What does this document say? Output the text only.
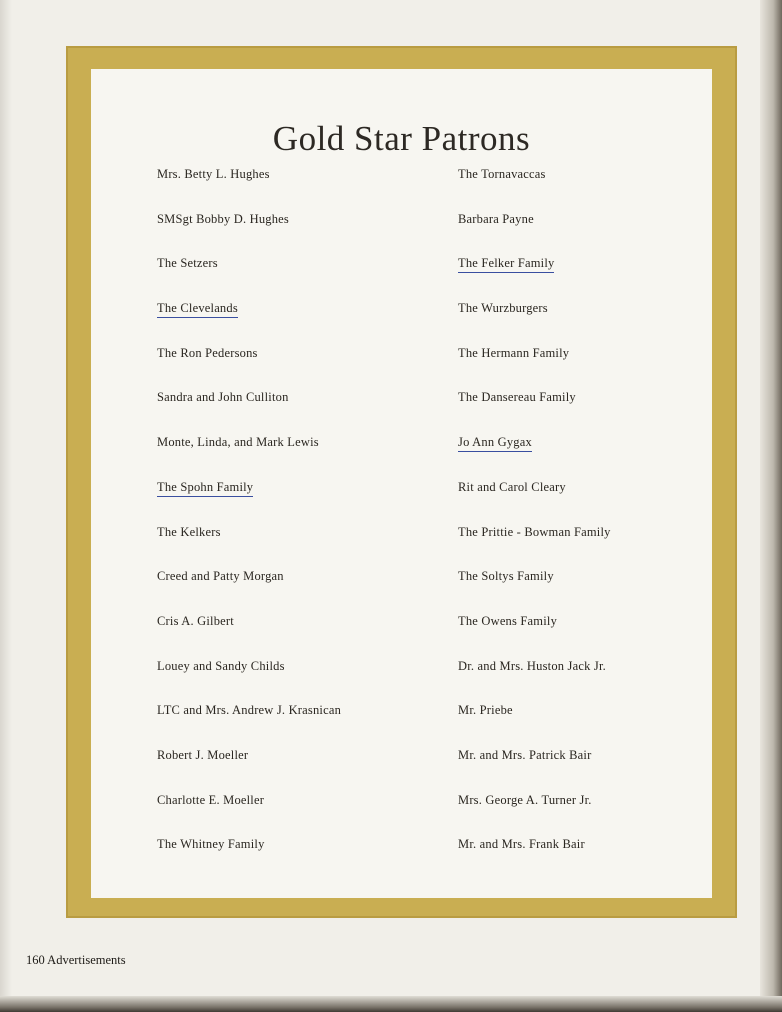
Gold Star Patrons
Mrs. Betty L. Hughes
SMSgt Bobby D. Hughes
The Setzers
The Clevelands
The Ron Pedersons
Sandra and John Culliton
Monte, Linda, and Mark Lewis
The Spohn Family
The Kelkers
Creed and Patty Morgan
Cris A. Gilbert
Louey and Sandy Childs
LTC and Mrs. Andrew J. Krasnican
Robert J. Moeller
Charlotte E. Moeller
The Whitney Family
The Tornavaccas
Barbara Payne
The Felker Family
The Wurzburgers
The Hermann Family
The Dansereau Family
Jo Ann Gygax
Rit and Carol Cleary
The Prittie - Bowman Family
The Soltys Family
The Owens Family
Dr. and Mrs. Huston Jack Jr.
Mr. Priebe
Mr. and Mrs. Patrick Bair
Mrs. George A. Turner Jr.
Mr. and Mrs. Frank Bair
160 Advertisements
